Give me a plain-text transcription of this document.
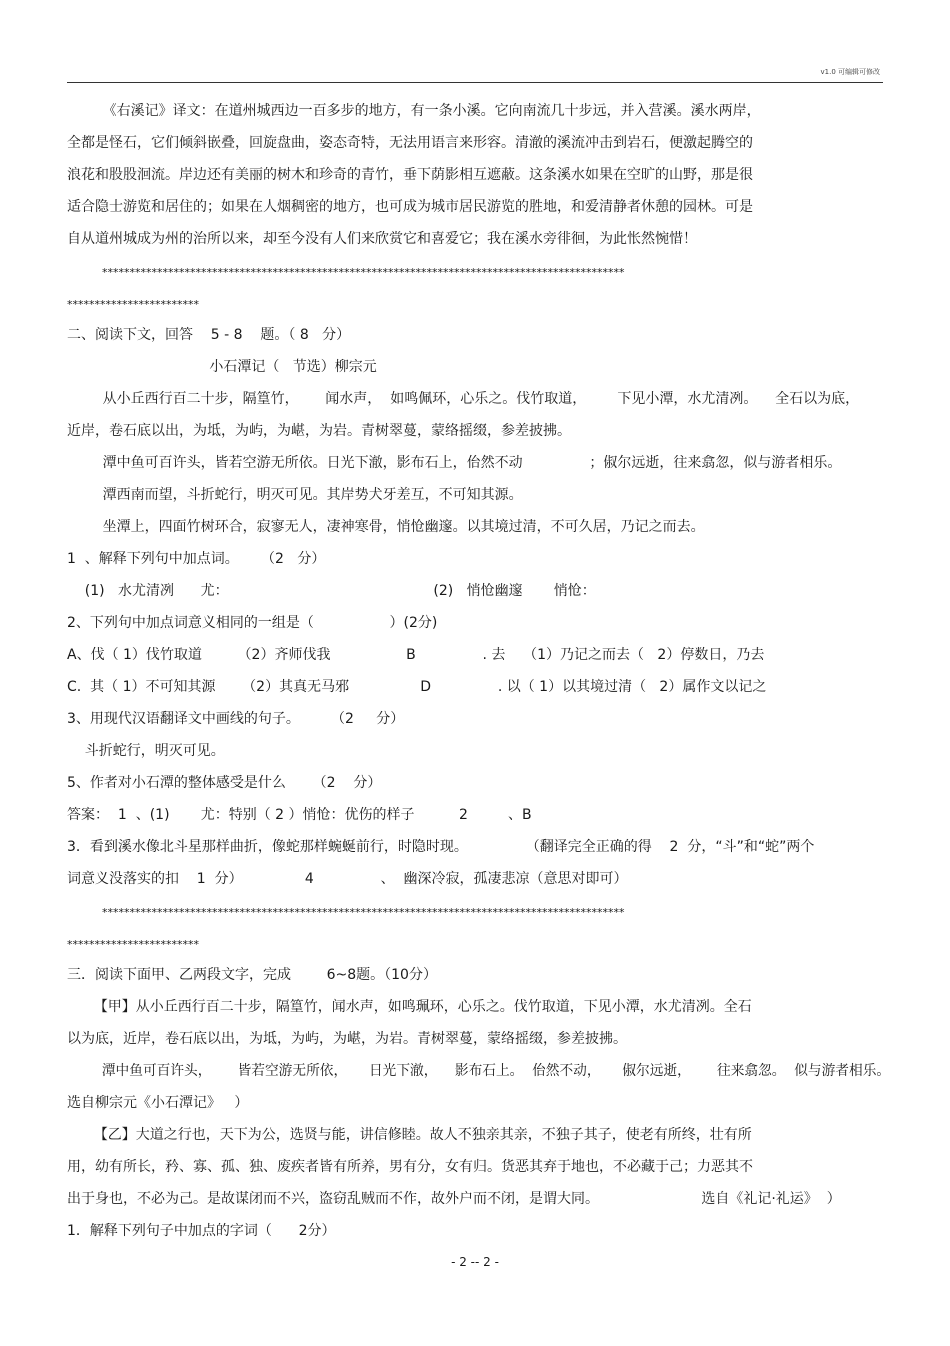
v1.0 可编辑可修改
《右溪记》译文：在道州城西边一百多步的地方，有一条小溪。它向南流几十步远，并入营溪。溪水两岸，
全都是怪石，它们倾斜嵌叠，回旋盘曲，姿态奇特，无法用语言来形容。清澈的溪流冲击到岩石，便激起腾空的
浪花和股股洄流。岸边还有美丽的树木和珍奇的青竹，垂下荫影相互遮蔽。这条溪水如果在空旷的山野，那是很
适合隐士游览和居住的；如果在人烟稠密的地方，也可成为城市居民游览的胜地，和爱清静者休憩的园林。可是
自从道州城成为州的治所以来，却至今没有人们来欣赏它和喜爱它；我在溪水旁徘徊，为此怅然惋惜！
***********************************************************************************************
************************
二、阅读下文，回答    5 - 8    题。（ 8   分）
小石潭记（   节选）柳宗元
从小丘西行百二十步，隔篁竹，      闻水声，  如鸣佩环，心乐之。伐竹取道，       下见小潭，水尤清冽。    全石以为底，
近岸，卷石底以出，为坻，为屿，为嵁，为岩。青树翠蔓，蒙络摇缀，参差披拂。
潭中鱼可百许头，皆若空游无所依。日光下澈，影布石上，佁然不动               ；俶尔远逝，往来翕忽，似与游者相乐。
潭西南而望，斗折蛇行，明灭可见。其岸势犬牙差互，不可知其源。
坐潭上，四面竹树环合，寂寥无人，凄神寒骨，悄怆幽邃。以其境过清，不可久居，乃记之而去。
1  、解释下列句中加点词。     （2   分）
(1)   水尤清冽      尤：                                              (2)   悄怆幽邃       悄怆：
2、下列句中加点词意义相同的一组是（                 ）(2分)
A、伐（ 1）伐竹取道        （2）齐师伐我                 B               . 去    （1）乃记之而去（   2）停数日，乃去
C.  其（ 1）不可知其源      （2）其真无马邪                D               . 以（ 1）以其境过清（   2）属作文以记之
3、用现代汉语翻译文中画线的句子。       （2     分）
斗折蛇行，明灭可见。
5、作者对小石潭的整体感受是什么      （2    分）
答案：  1  、(1)       尤：特别（ 2 ）悄怆：优伤的样子          2         、B
3．看到溪水像北斗星那样曲折，像蛇那样蜿蜒前行，时隐时现。             （翻译完全正确的得    2  分，“斗”和“蛇”两个
词意义没落实的扣    1  分）              4               、  幽深冷寂，孤凄悲凉（意思对即可）
***********************************************************************************************
************************
三．阅读下面甲、乙两段文字，完成        6~8题。（10分）
【甲】从小丘西行百二十步，隔篁竹，闻水声，如鸣珮环，心乐之。伐竹取道，下见小潭，水尤清冽。全石
以为底，近岸，卷石底以出，为坻，为屿，为嵁，为岩。青树翠蔓，蒙络摇缀，参差披拂。
潭中鱼可百许头，      皆若空游无所依，     日光下澈，    影布石上。  佁然不动，     俶尔远逝，      往来翕忽。  似与游者相乐。
选自柳宗元《小石潭记》   ）
【乙】大道之行也，天下为公，选贤与能，讲信修睦。故人不独亲其亲，不独子其子，使老有所终，壮有所
用，幼有所长，矜、寡、孤、独、废疾者皆有所养，男有分，女有归。货恶其弃于地也，不必藏于己；力恶其不
出于身也，不必为己。是故谋闭而不兴，盗窃乱贼而不作，故外户而不闭，是谓大同。                       选自《礼记·礼运》  ）
1．解释下列句子中加点的字词（      2分）
- 2 -- 2 -
